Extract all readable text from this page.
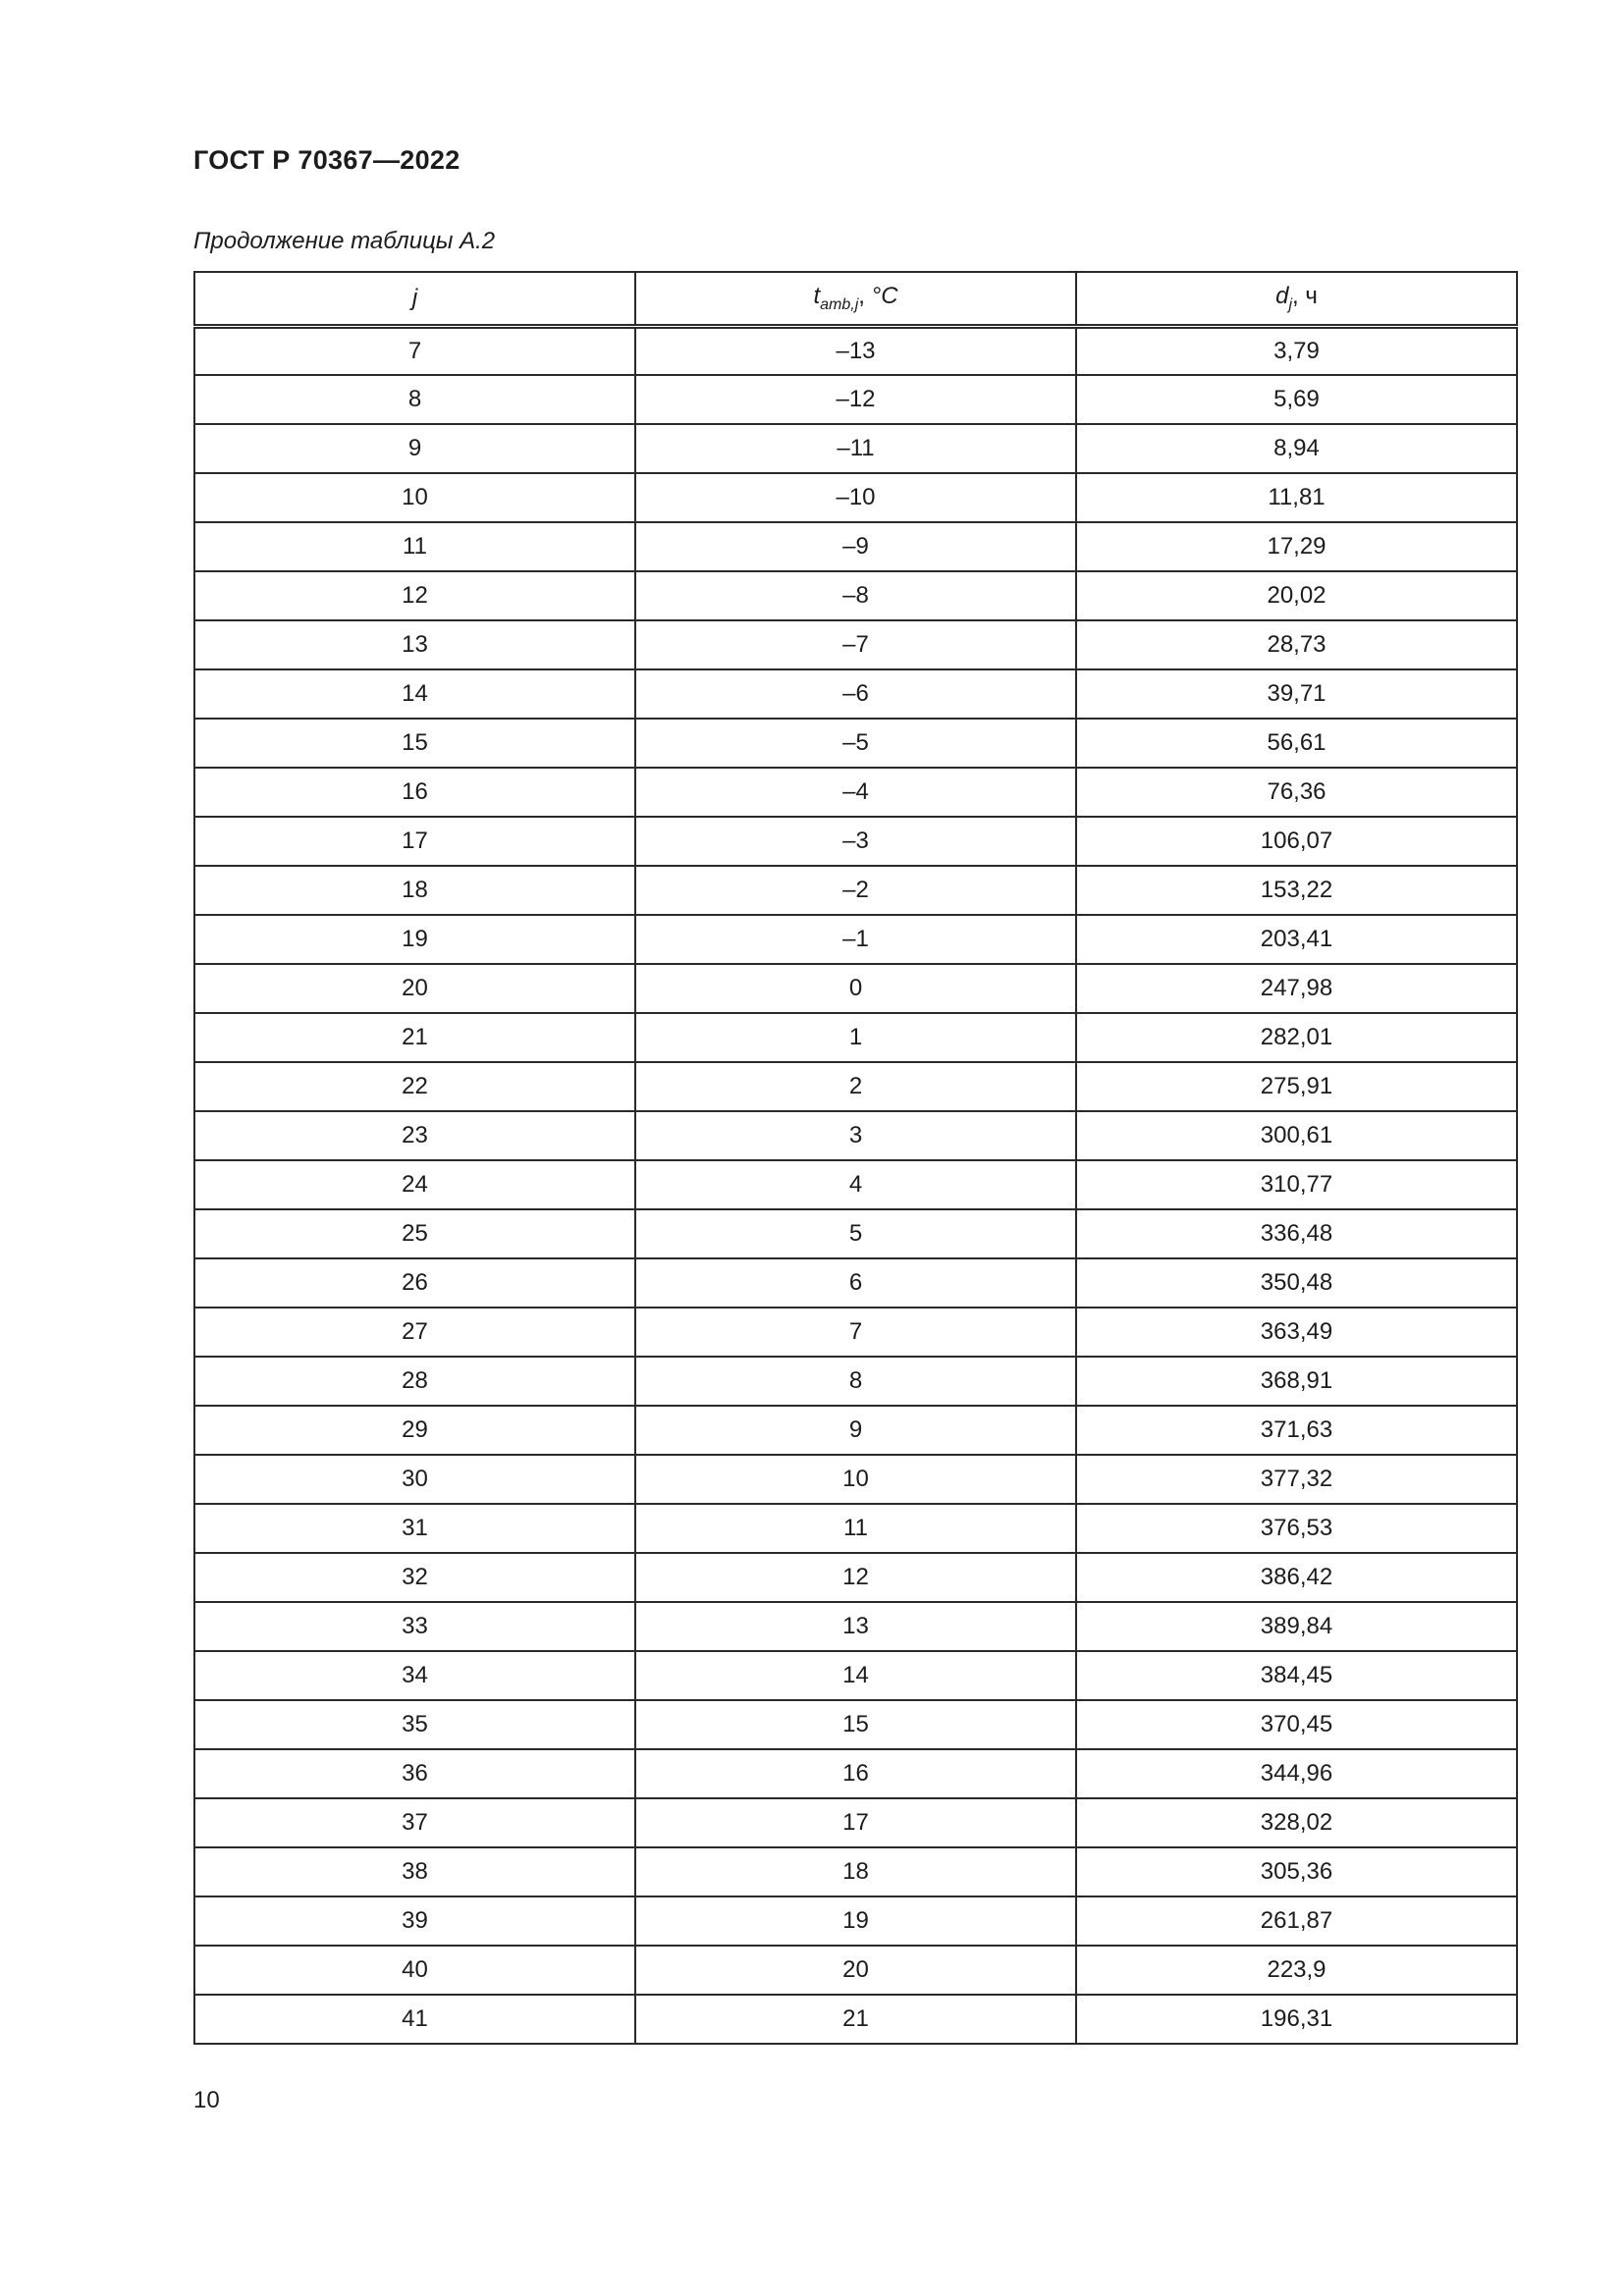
ГОСТ Р 70367—2022
Продолжение таблицы А.2
j	$t_{amb,j}$, °C	$d_j$, ч
7	–13	3,79
8	–12	5,69
9	–11	8,94
10	–10	11,81
11	–9	17,29
12	–8	20,02
13	–7	28,73
14	–6	39,71
15	–5	56,61
16	–4	76,36
17	–3	106,07
18	–2	153,22
19	–1	203,41
20	0	247,98
21	1	282,01
22	2	275,91
23	3	300,61
24	4	310,77
25	5	336,48
26	6	350,48
27	7	363,49
28	8	368,91
29	9	371,63
30	10	377,32
31	11	376,53
32	12	386,42
33	13	389,84
34	14	384,45
35	15	370,45
36	16	344,96
37	17	328,02
38	18	305,36
39	19	261,87
40	20	223,9
41	21	196,31
10
